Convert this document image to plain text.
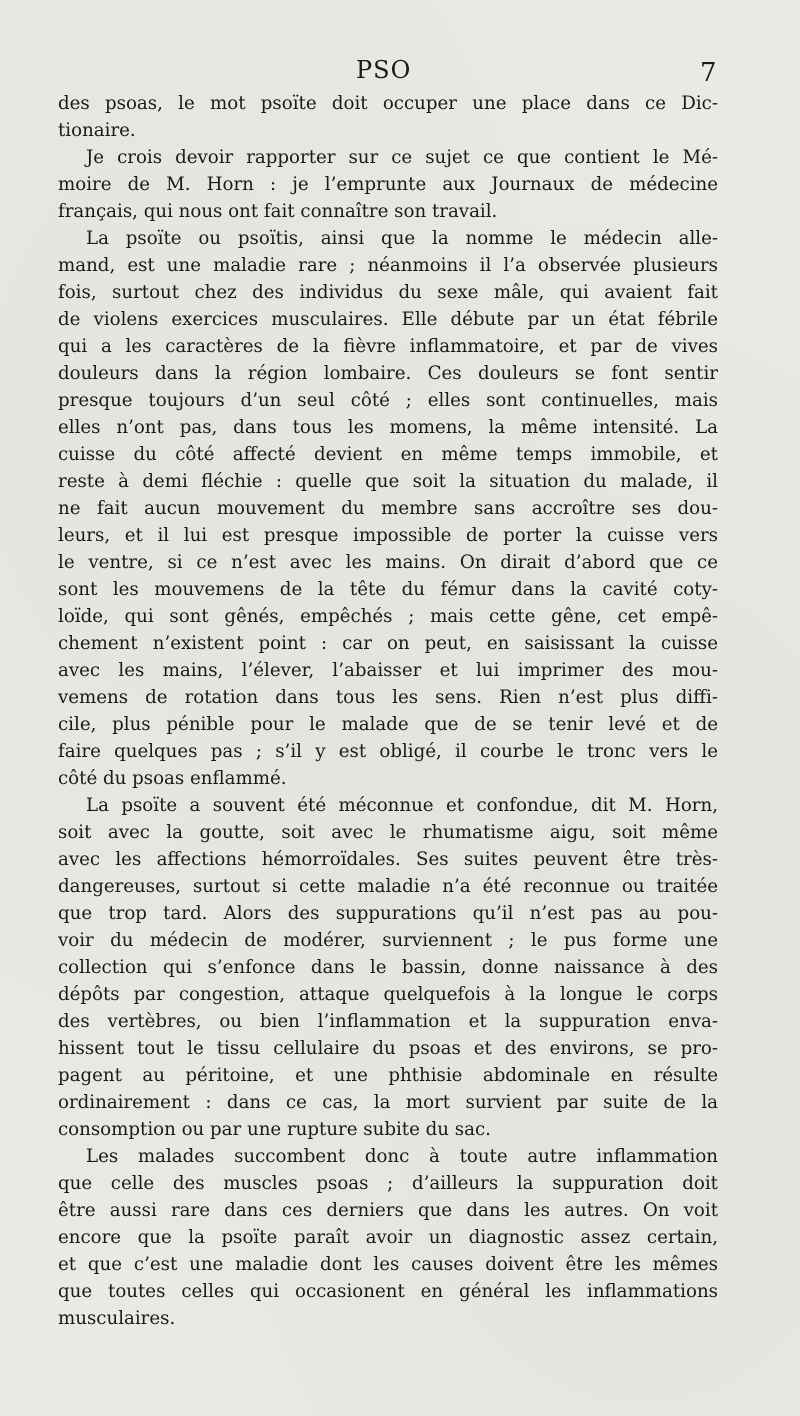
PSO	7
des psoas, le mot psoïte doit occuper une place dans ce Dic-
tionaire.
Je crois devoir rapporter sur ce sujet ce que contient le Mé-
moire de M. Horn : je l’emprunte aux Journaux de médecine
français, qui nous ont fait connaître son travail.
La psoïte ou psoïtis, ainsi que la nomme le médecin alle-
mand, est une maladie rare ; néanmoins il l’a observée plusieurs
fois, surtout chez des individus du sexe mâle, qui avaient fait
de violens exercices musculaires. Elle débute par un état fébrile
qui a les caractères de la fièvre inflammatoire, et par de vives
douleurs dans la région lombaire. Ces douleurs se font sentir
presque toujours d’un seul côté ; elles sont continuelles, mais
elles n’ont pas, dans tous les momens, la même intensité. La
cuisse du côté affecté devient en même temps immobile, et
reste à demi fléchie : quelle que soit la situation du malade, il
ne fait aucun mouvement du membre sans accroître ses dou-
leurs, et il lui est presque impossible de porter la cuisse vers
le ventre, si ce n’est avec les mains. On dirait d’abord que ce
sont les mouvemens de la tête du fémur dans la cavité coty-
loïde, qui sont gênés, empêchés ; mais cette gêne, cet empê-
chement n’existent point : car on peut, en saisissant la cuisse
avec les mains, l’élever, l’abaisser et lui imprimer des mou-
vemens de rotation dans tous les sens. Rien n’est plus diffi-
cile, plus pénible pour le malade que de se tenir levé et de
faire quelques pas ; s’il y est obligé, il courbe le tronc vers le
côté du psoas enflammé.
La psoïte a souvent été méconnue et confondue, dit M. Horn,
soit avec la goutte, soit avec le rhumatisme aigu, soit même
avec les affections hémorroïdales. Ses suites peuvent être très-
dangereuses, surtout si cette maladie n’a été reconnue ou traitée
que trop tard. Alors des suppurations qu’il n’est pas au pou-
voir du médecin de modérer, surviennent ; le pus forme une
collection qui s’enfonce dans le bassin, donne naissance à des
dépôts par congestion, attaque quelquefois à la longue le corps
des vertèbres, ou bien l’inflammation et la suppuration enva-
hissent tout le tissu cellulaire du psoas et des environs, se pro-
pagent au péritoine, et une phthisie abdominale en résulte
ordinairement : dans ce cas, la mort survient par suite de la
consomption ou par une rupture subite du sac.
Les malades succombent donc à toute autre inflammation
que celle des muscles psoas ; d’ailleurs la suppuration doit
être aussi rare dans ces derniers que dans les autres. On voit
encore que la psoïte paraît avoir un diagnostic assez certain,
et que c’est une maladie dont les causes doivent être les mêmes
que toutes celles qui occasionent en général les inflammations
musculaires.
